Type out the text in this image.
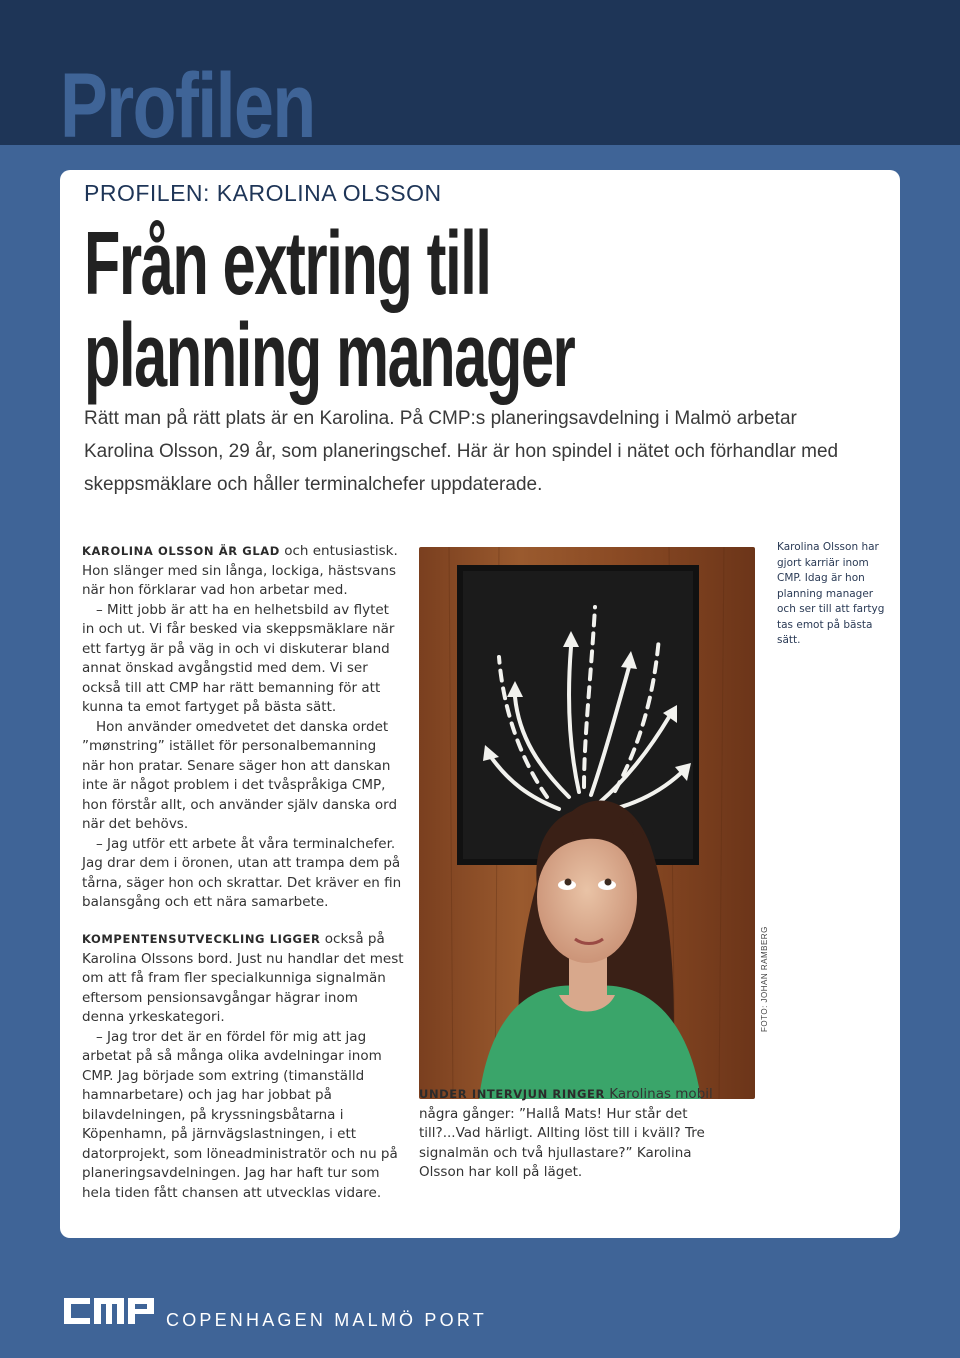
Profilen
PROFILEN: KAROLINA OLSSON
Från extring till
planning manager
Rätt man på rätt plats är en Karolina. På CMP:s planeringsavdelning i Malmö arbetar Karolina Olsson, 29 år, som planeringschef. Här är hon spindel i nätet och förhandlar med skeppsmäklare och håller terminalchefer uppdaterade.

KAROLINA OLSSON ÄR GLAD och entusiastisk. Hon slänger med sin långa, lockiga, hästsvans när hon förklarar vad hon arbetar med.

– Mitt jobb är att ha en helhetsbild av flytet in och ut. Vi får besked via skeppsmäklare när ett fartyg är på väg in och vi diskuterar bland annat önskad avgångstid med dem. Vi ser också till att CMP har rätt bemanning för att kunna ta emot fartyget på bästa sätt.

Hon använder omedvetet det danska ordet ”mønstring” istället för personalbemanning när hon pratar. Senare säger hon att danskan inte är något problem i det tvåspråkiga CMP, hon förstår allt, och använder själv danska ord när det behövs.

– Jag utför ett arbete åt våra terminalchefer. Jag drar dem i öronen, utan att trampa dem på tårna, säger hon och skrattar. Det kräver en fin balansgång och ett nära samarbete.

KOMPENTENSUTVECKLING LIGGER också på Karolina Olssons bord. Just nu handlar det mest om att få fram fler specialkunniga signalmän eftersom pensionsavgångar hägrar inom denna yrkeskategori.

– Jag tror det är en fördel för mig att jag arbetat på så många olika avdelningar inom CMP. Jag började som extring (timanställd hamnarbetare) och jag har jobbat på bilavdelningen, på kryssningsbåtarna i Köpenhamn, på järnvägslastningen, i ett datorprojekt, som löneadministratör och nu på planeringsavdelningen. Jag har haft tur som hela tiden fått chansen att utvecklas vidare.

UNDER INTERVJUN RINGER Karolinas mobil några gånger: ”Hallå Mats! Hur står det till?...Vad härligt. Allting löst till i kväll? Tre signalmän och två hjullastare?” Karolina Olsson har koll på läget.

Karolina Olsson har gjort karriär inom CMP. Idag är hon planning manager och ser till att fartyg tas emot på bästa sätt.
FOTO: JOHAN RAMBERG
COPENHAGEN MALMÖ PORT
